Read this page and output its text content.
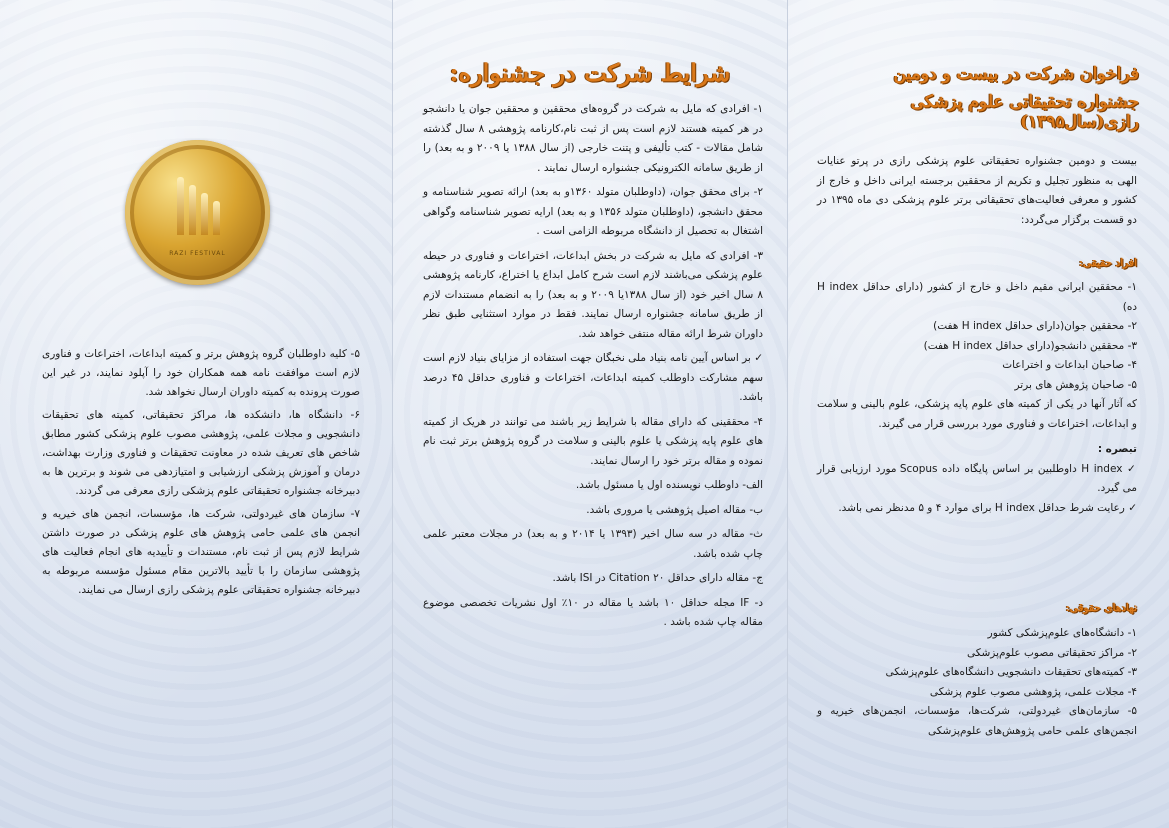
RAZI FESTIVAL

۵- کلیه داوطلبان گروه پژوهش برتر و کمیته ابداعات، اختراعات و فناوری لازم است موافقت نامه همه همکاران خود را آپلود نمایند، در غیر این صورت پرونده به کمیته داوران ارسال نخواهد شد.

۶- دانشگاه ها، دانشکده ها، مراکز تحقیقاتی، کمیته های تحقیقات دانشجویی و مجلات علمی، پژوهشی مصوب علوم پزشکی کشور مطابق شاخص های تعریف شده در معاونت تحقیقات و فناوری وزارت بهداشت، درمان و آموزش پزشکی ارزشیابی و امتیازدهی می شوند و برترین ها به دبیرخانه جشنواره تحقیقاتی علوم پزشکی رازی معرفی می گردند.

۷- سازمان های غیردولتی، شرکت ها، مؤسسات، انجمن های خیریه و انجمن های علمی حامی پژوهش های علوم پزشکی در صورت داشتن شرایط لازم پس از ثبت نام، مستندات و تأییدیه های انجام فعالیت های پژوهشی سازمان را با تأیید بالاترین مقام مسئول مؤسسه مربوطه به دبیرخانه جشنواره تحقیقاتی علوم پزشکی رازی ارسال می نمایند.

شرایط شرکت در جشنواره:

۱- افرادی که مایل به شرکت در گروه‌های محققین و محققین جوان یا دانشجو در هر کمیته هستند لازم است پس از ثبت نام،کارنامه پژوهشی ۸ سال گذشته شامل مقالات - کتب تألیفی و پتنت خارجی (از سال ۱۳۸۸ یا ۲۰۰۹ و به بعد) را از طریق سامانه الکترونیکی جشنواره ارسال نمایند .

۲- برای محقق جوان، (داوطلبان متولد ۱۳۶۰و به بعد) ارائه تصویر شناسنامه و محقق دانشجو، (داوطلبان متولد ۱۳۵۶ و به بعد) ارایه تصویر شناسنامه وگواهی اشتغال به تحصیل از دانشگاه مربوطه الزامی است .

۳- افرادی که مایل به شرکت در بخش ابداعات، اختراعات و فناوری در حیطه علوم پزشکی می‌باشند لازم است شرح کامل ابداع یا اختراع، کارنامه پژوهشی ۸ سال اخیر خود (از سال ۱۳۸۸یا ۲۰۰۹ و به بعد) را به انضمام مستندات لازم از طریق سامانه جشنواره ارسال نمایند. فقط در موارد استثنایی طبق نظر داوران شرط ارائه مقاله منتفی خواهد شد.

✓ بر اساس آیین نامه بنیاد ملی نخبگان جهت استفاده از مزایای بنیاد لازم است سهم مشارکت داوطلب کمیته ابداعات، اختراعات و فناوری حداقل ۴۵ درصد باشد.

۴- محققینی که دارای مقاله با شرایط زیر باشند می توانند در هریک از کمیته های علوم پایه پزشکی یا علوم بالینی و سلامت در گروه پژوهش برتر ثبت نام نموده و مقاله برتر خود را ارسال نمایند.

الف- داوطلب نویسنده اول یا مسئول باشد.

ب- مقاله اصیل پژوهشی یا مروری باشد.

ث- مقاله در سه سال اخیر (۱۳۹۳ یا ۲۰۱۴ و به بعد) در مجلات معتبر علمی چاپ شده باشد.

ج- مقاله دارای حداقل Citation ۲۰ در ISI باشد.

د- IF مجله حداقل ۱۰ باشد یا مقاله در ۱۰٪ اول نشریات تخصصی موضوع مقاله چاپ شده باشد .

فراخوان شرکت در بیست و دومین
جشنواره تحقیقاتی علوم پزشکی رازی(سال۱۳۹۵)

بیست و دومین جشنواره تحقیقاتی علوم پزشکی رازی در پرتو عنایات الهی به منظور تجلیل و تکریم از محققین برجسته ایرانی داخل و خارج از کشور و معرفی فعالیت‌های تحقیقاتی برتر علوم پزشکی دی ماه ۱۳۹۵ در دو قسمت برگزار می‌گردد:

افراد حقیقی:

۱- محققین ایرانی مقیم داخل و خارج از کشور (دارای حداقل H index ده)

۲- محققین جوان(دارای حداقل H index هفت)

۳- محققین دانشجو(دارای حداقل H index هفت)

۴- صاحبان ابداعات و اختراعات

۵- صاحبان پژوهش های برتر

که آثار آنها در یکی از کمیته های علوم پایه پزشکی، علوم بالینی و سلامت و ابداعات، اختراعات و فناوری مورد بررسی قرار می گیرند.

تبصره :

✓ H index داوطلبین بر اساس پایگاه داده Scopus مورد ارزیابی قرار می گیرد.

✓ رعایت شرط حداقل H index برای موارد ۴ و ۵ مدنظر نمی باشد.

نهادهای حقوقی:

۱- دانشگاه‌های علوم‌پزشکی کشور

۲- مراکز تحقیقاتی مصوب علوم‌پزشکی

۳- کمیته‌های تحقیقات دانشجویی دانشگاه‌های علوم‌پزشکی

۴- مجلات علمی، پژوهشی مصوب علوم پزشکی

۵- سازمان‌های غیردولتی، شرکت‌ها، مؤسسات، انجمن‌های خیریه و انجمن‌های علمی حامی پژوهش‌های علوم‌پزشکی
